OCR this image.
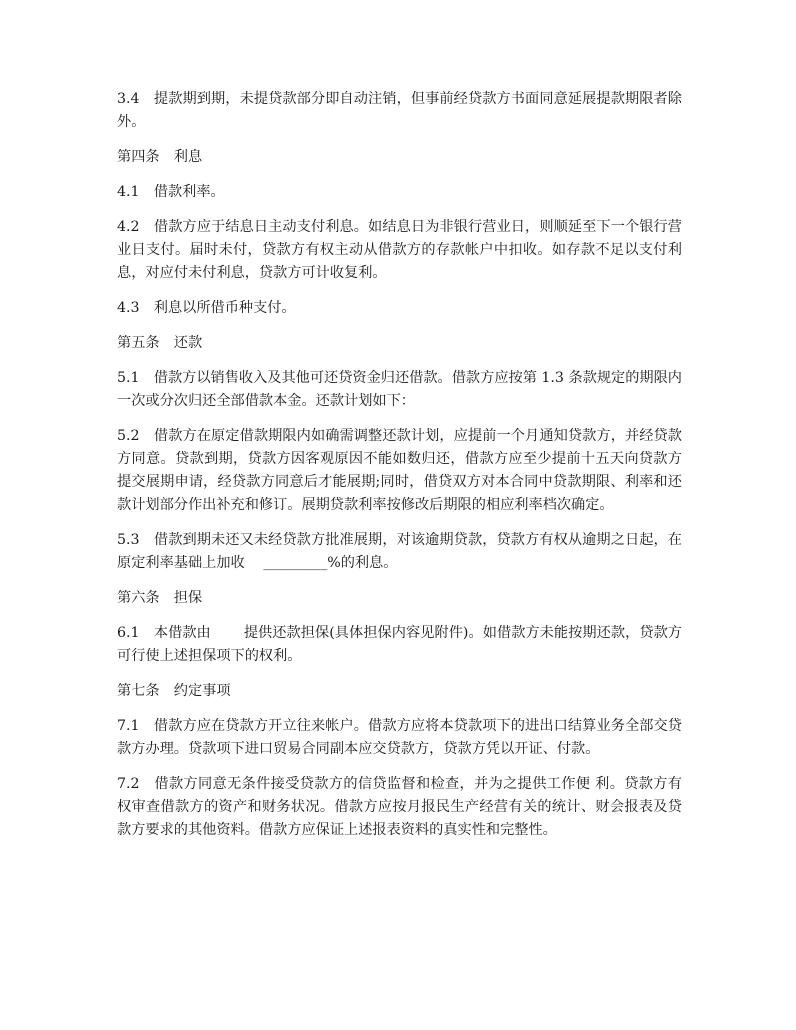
3.4　提款期到期，未提贷款部分即自动注销，但事前经贷款方书面同意延展提款期限者除外。

第四条　利息

4.1　借款利率。

4.2　借款方应于结息日主动支付利息。如结息日为非银行营业日，则顺延至下一个银行营业日支付。届时未付，贷款方有权主动从借款方的存款帐户中扣收。如存款不足以支付利息，对应付未付利息，贷款方可计收复利。

4.3　利息以所借币种支付。

第五条　还款

5.1　借款方以销售收入及其他可还贷资金归还借款。借款方应按第 1.3 条款规定的期限内一次或分次归还全部借款本金。还款计划如下：

5.2　借款方在原定借款期限内如确需调整还款计划，应提前一个月通知贷款方，并经贷款方同意。贷款到期，贷款方因客观原因不能如数归还，借款方应至少提前十五天向贷款方提交展期申请，经贷款方同意后才能展期;同时，借贷双方对本合同中贷款期限、利率和还款计划部分作出补充和修订。展期贷款利率按修改后期限的相应利率档次确定。

5.3　借款到期未还又未经贷款方批准展期，对该逾期贷款，贷款方有权从逾期之日起，在原定利率基础上加收　 _________%的利息。

第六条　担保

6.1　本借款由　　 提供还款担保(具体担保内容见附件)。如借款方未能按期还款，贷款方可行使上述担保项下的权利。

第七条　约定事项

7.1　借款方应在贷款方开立往来帐户。借款方应将本贷款项下的进出口结算业务全部交贷款方办理。贷款项下进口贸易合同副本应交贷款方，贷款方凭以开证、付款。

7.2　借款方同意无条件接受贷款方的信贷监督和检查，并为之提供工作便 利。贷款方有权审查借款方的资产和财务状况。借款方应按月报民生产经营有关的统计、财会报表及贷款方要求的其他资料。借款方应保证上述报表资料的真实性和完整性。
